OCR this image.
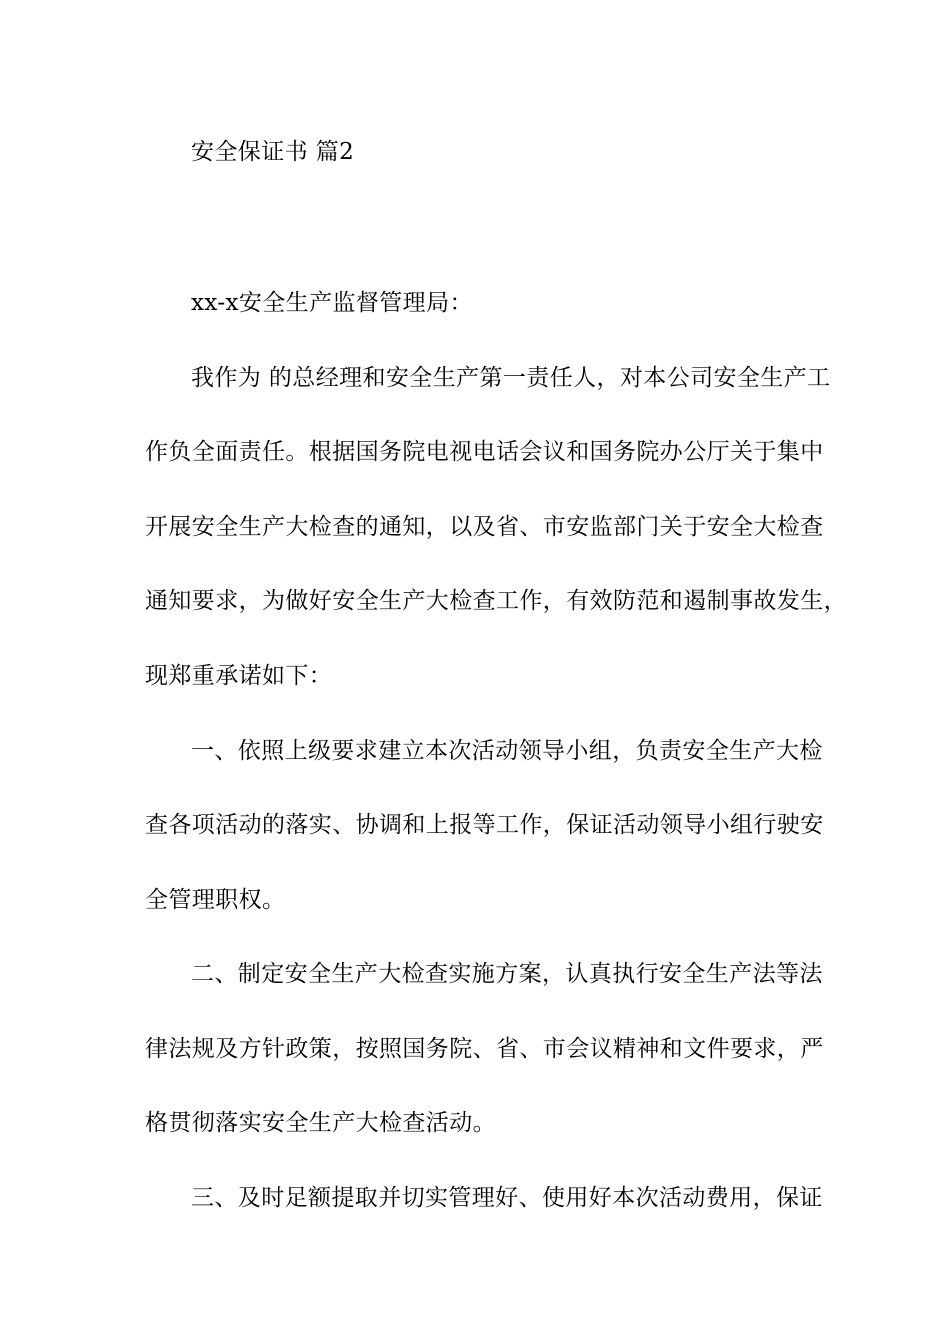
安全保证书 篇2
xx-x安全生产监督管理局：
我作为 的总经理和安全生产第一责任人，对本公司安全生产工
作负全面责任。根据国务院电视电话会议和国务院办公厅关于集中
开展安全生产大检查的通知，以及省、市安监部门关于安全大检查
通知要求，为做好安全生产大检查工作，有效防范和遏制事故发生，
现郑重承诺如下：
一、依照上级要求建立本次活动领导小组，负责安全生产大检
查各项活动的落实、协调和上报等工作，保证活动领导小组行驶安
全管理职权。
二、制定安全生产大检查实施方案，认真执行安全生产法等法
律法规及方针政策，按照国务院、省、市会议精神和文件要求，严
格贯彻落实安全生产大检查活动。
三、及时足额提取并切实管理好、使用好本次活动费用，保证
